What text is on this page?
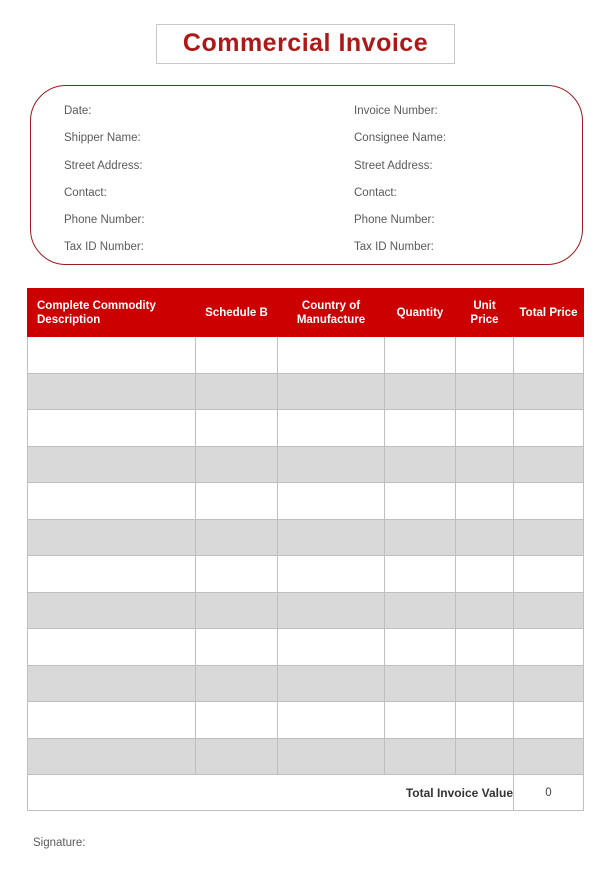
Commercial Invoice
Date:
Shipper Name:
Street Address:
Contact:
Phone Number:
Tax ID Number:
Invoice Number:
Consignee Name:
Street Address:
Contact:
Phone Number:
Tax ID Number:
Complete Commodity Description	Schedule B	Country of Manufacture	Quantity	Unit Price	Total Price

Total Invoice Value					0
Signature:
